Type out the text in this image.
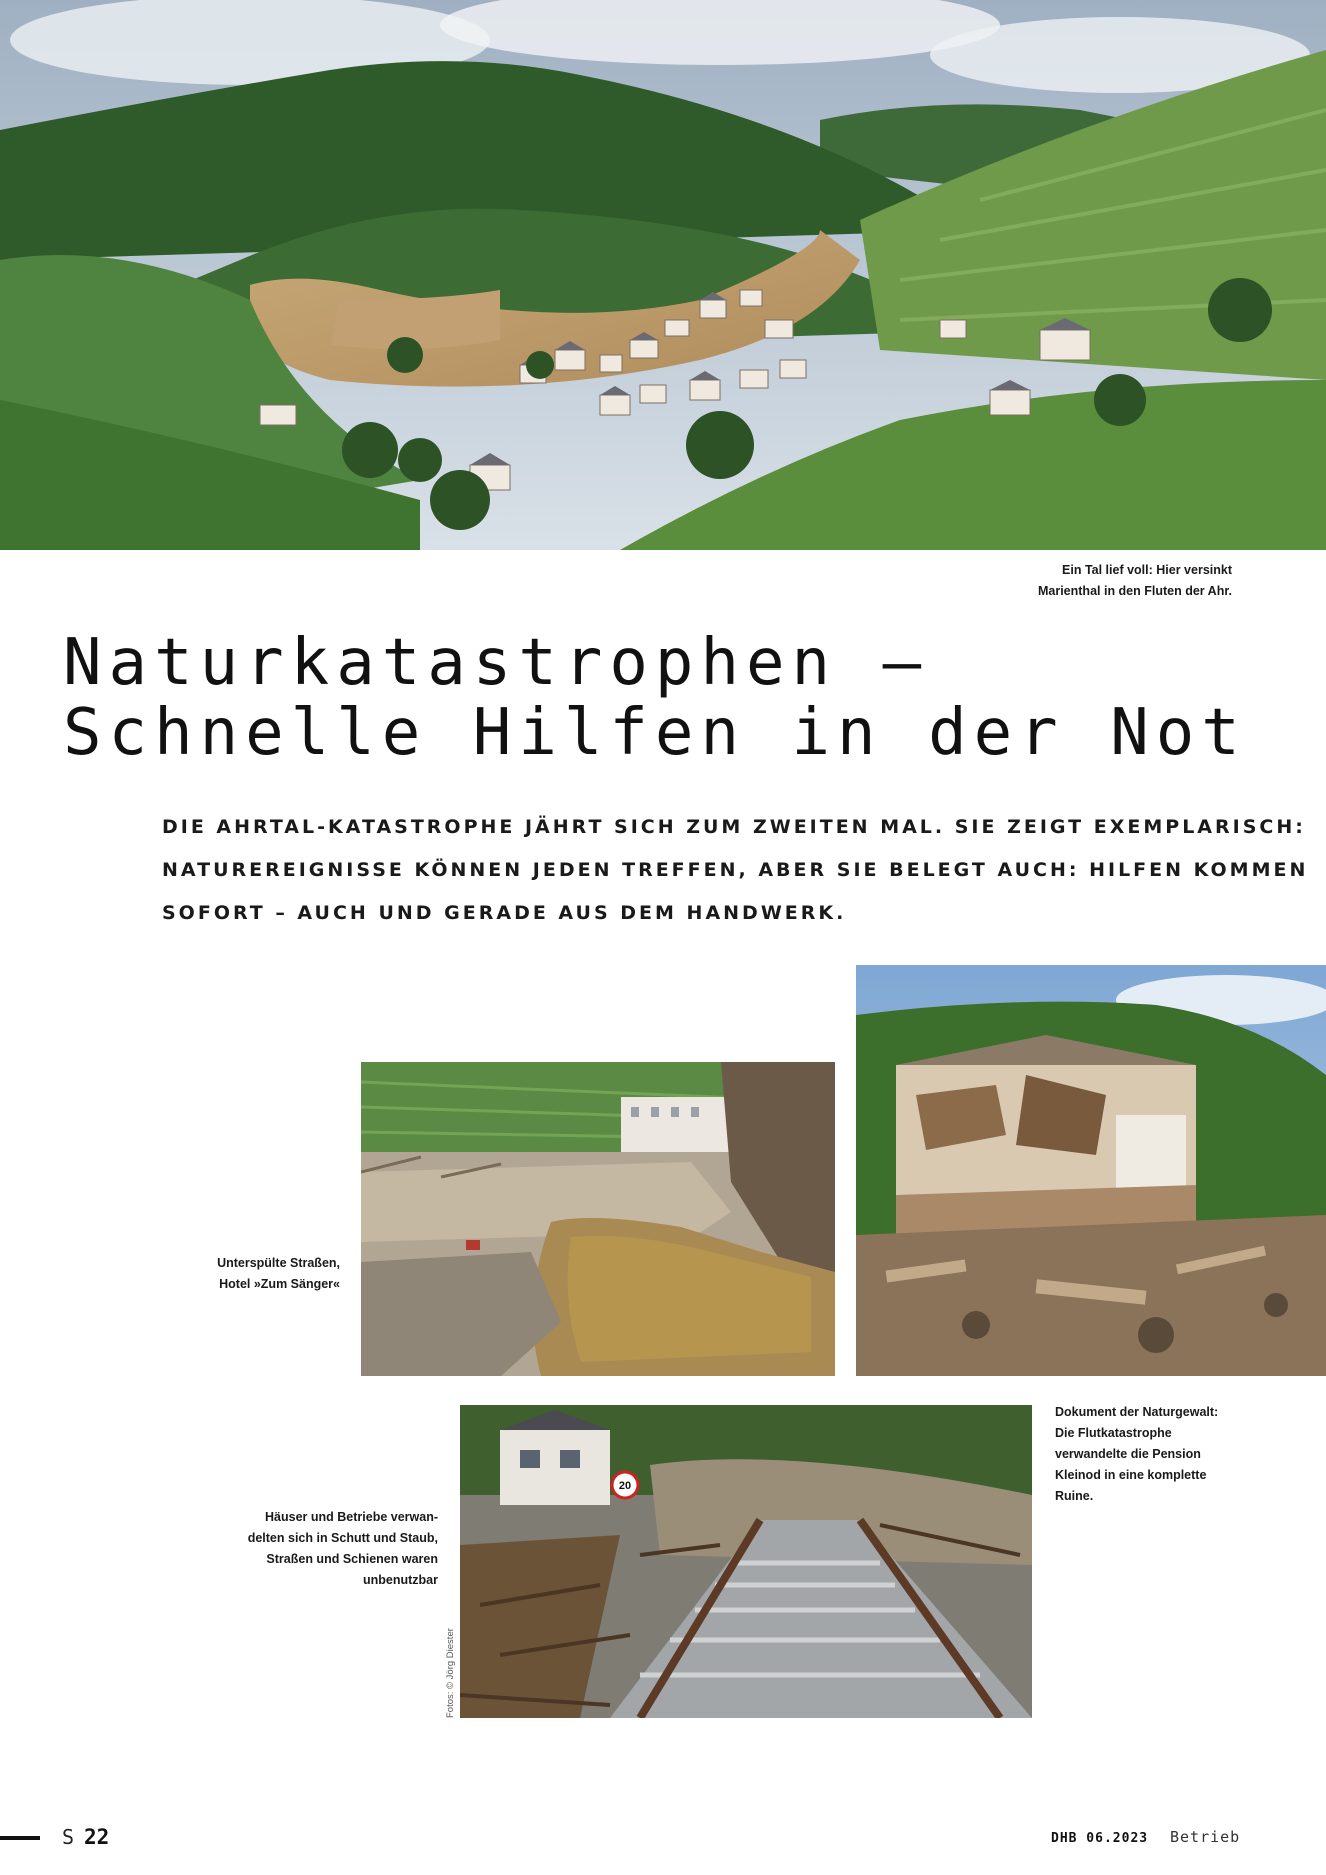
Ein Tal lief voll: Hier versinkt
Marienthal in den Fluten der Ahr.

Naturkatastrophen –
Schnelle Hilfen in der Not

DIE AHRTAL-KATASTROPHE JÄHRT SICH ZUM ZWEITEN MAL. SIE ZEIGT EXEMPLARISCH:
NATUREREIGNISSE KÖNNEN JEDEN TREFFEN, ABER SIE BELEGT AUCH: HILFEN KOMMEN
SOFORT – AUCH UND GERADE AUS DEM HANDWERK.

Unterspülte Straßen,
Hotel »Zum Sänger«
Dokument der Naturgewalt:
Die Flutkatastrophe
verwandelte die Pension
Kleinod in eine komplette
Ruine.
20
Häuser und Betriebe verwan-
delten sich in Schutt und Staub,
Straßen und Schienen waren
unbenutzbar
Fotos: © Jörg Diester
S 22	DHB 06.2023 Betrieb
